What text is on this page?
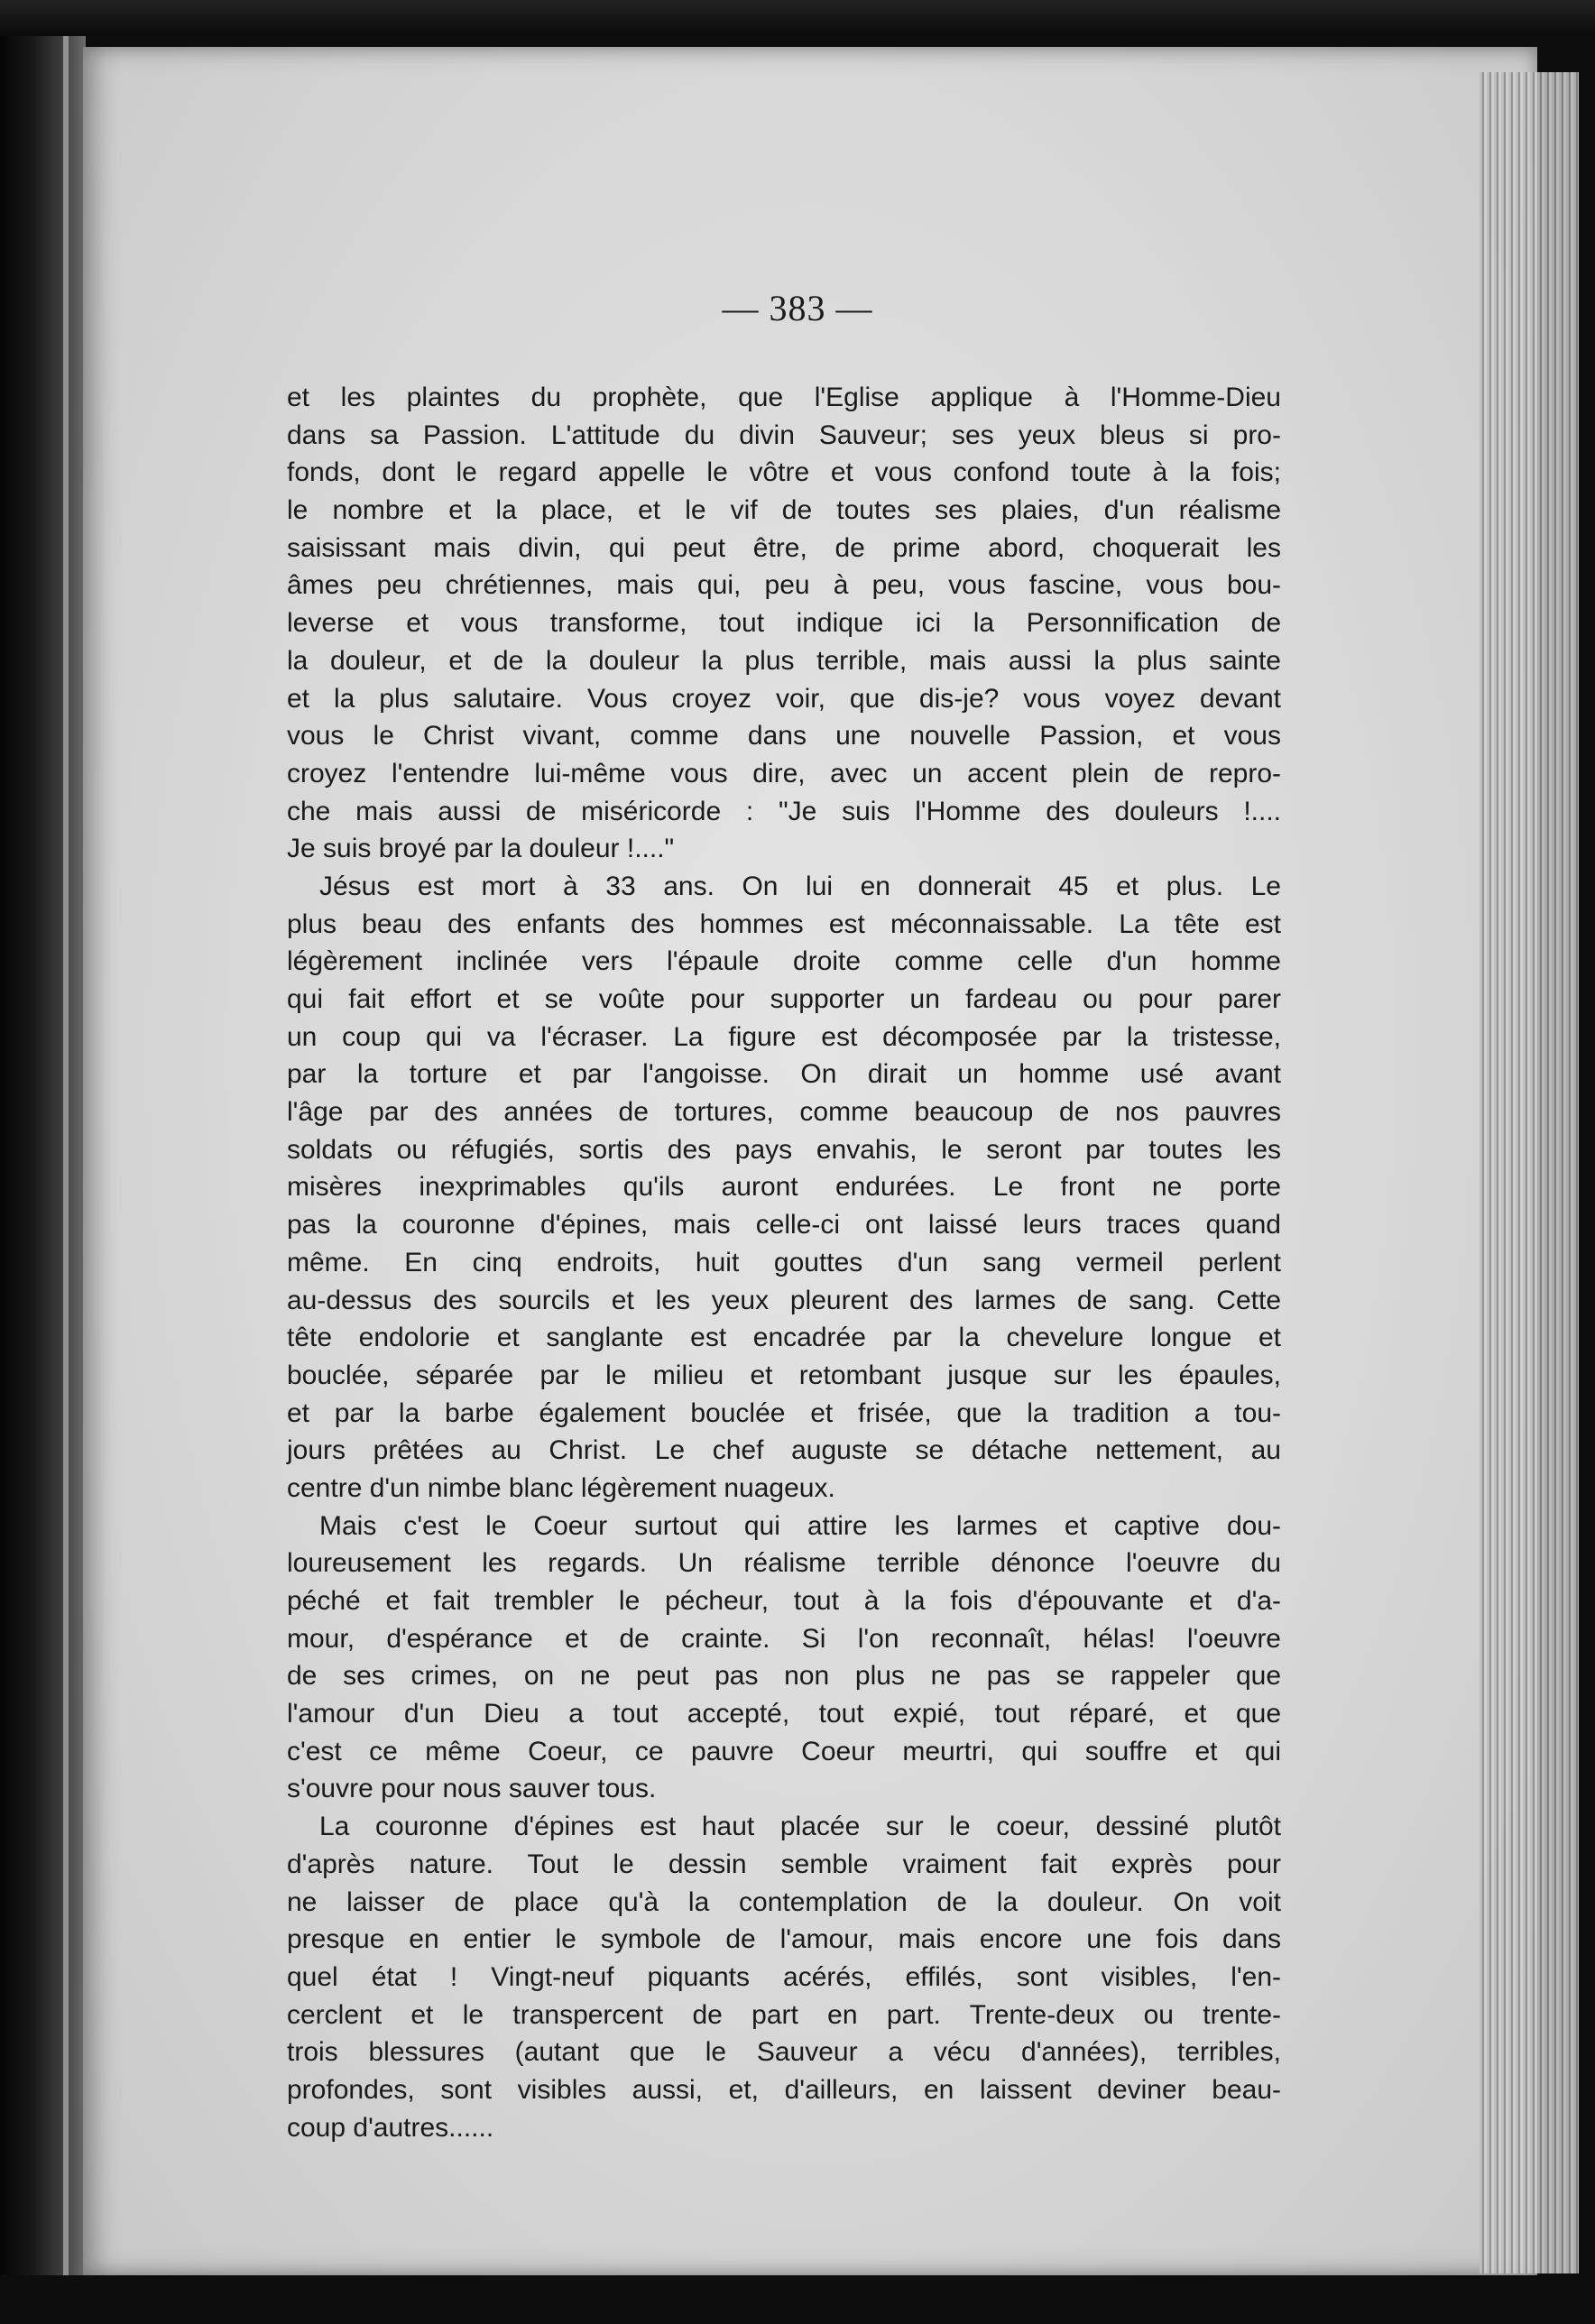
— 383 —
et les plaintes du prophète, que l'Eglise applique à l'Homme-Dieu
dans sa Passion. L'attitude du divin Sauveur; ses yeux bleus si pro-
fonds, dont le regard appelle le vôtre et vous confond toute à la fois;
le nombre et la place, et le vif de toutes ses plaies, d'un réalisme
saisissant mais divin, qui peut être, de prime abord, choquerait les
âmes peu chrétiennes, mais qui, peu à peu, vous fascine, vous bou-
leverse et vous transforme, tout indique ici la Personnification de
la douleur, et de la douleur la plus terrible, mais aussi la plus sainte
et la plus salutaire. Vous croyez voir, que dis-je? vous voyez devant
vous le Christ vivant, comme dans une nouvelle Passion, et vous
croyez l'entendre lui-même vous dire, avec un accent plein de repro-
che mais aussi de miséricorde : "Je suis l'Homme des douleurs !....
Je suis broyé par la douleur !...."
Jésus est mort à 33 ans. On lui en donnerait 45 et plus. Le
plus beau des enfants des hommes est méconnaissable. La tête est
légèrement inclinée vers l'épaule droite comme celle d'un homme
qui fait effort et se voûte pour supporter un fardeau ou pour parer
un coup qui va l'écraser. La figure est décomposée par la tristesse,
par la torture et par l'angoisse. On dirait un homme usé avant
l'âge par des années de tortures, comme beaucoup de nos pauvres
soldats ou réfugiés, sortis des pays envahis, le seront par toutes les
misères inexprimables qu'ils auront endurées. Le front ne porte
pas la couronne d'épines, mais celle-ci ont laissé leurs traces quand
même. En cinq endroits, huit gouttes d'un sang vermeil perlent
au-dessus des sourcils et les yeux pleurent des larmes de sang. Cette
tête endolorie et sanglante est encadrée par la chevelure longue et
bouclée, séparée par le milieu et retombant jusque sur les épaules,
et par la barbe également bouclée et frisée, que la tradition a tou-
jours prêtées au Christ. Le chef auguste se détache nettement, au
centre d'un nimbe blanc légèrement nuageux.
Mais c'est le Coeur surtout qui attire les larmes et captive dou-
loureusement les regards. Un réalisme terrible dénonce l'oeuvre du
péché et fait trembler le pécheur, tout à la fois d'épouvante et d'a-
mour, d'espérance et de crainte. Si l'on reconnaît, hélas! l'oeuvre
de ses crimes, on ne peut pas non plus ne pas se rappeler que
l'amour d'un Dieu a tout accepté, tout expié, tout réparé, et que
c'est ce même Coeur, ce pauvre Coeur meurtri, qui souffre et qui
s'ouvre pour nous sauver tous.
La couronne d'épines est haut placée sur le coeur, dessiné plutôt
d'après nature. Tout le dessin semble vraiment fait exprès pour
ne laisser de place qu'à la contemplation de la douleur. On voit
presque en entier le symbole de l'amour, mais encore une fois dans
quel état ! Vingt-neuf piquants acérés, effilés, sont visibles, l'en-
cerclent et le transpercent de part en part. Trente-deux ou trente-
trois blessures (autant que le Sauveur a vécu d'années), terribles,
profondes, sont visibles aussi, et, d'ailleurs, en laissent deviner beau-
coup d'autres......
